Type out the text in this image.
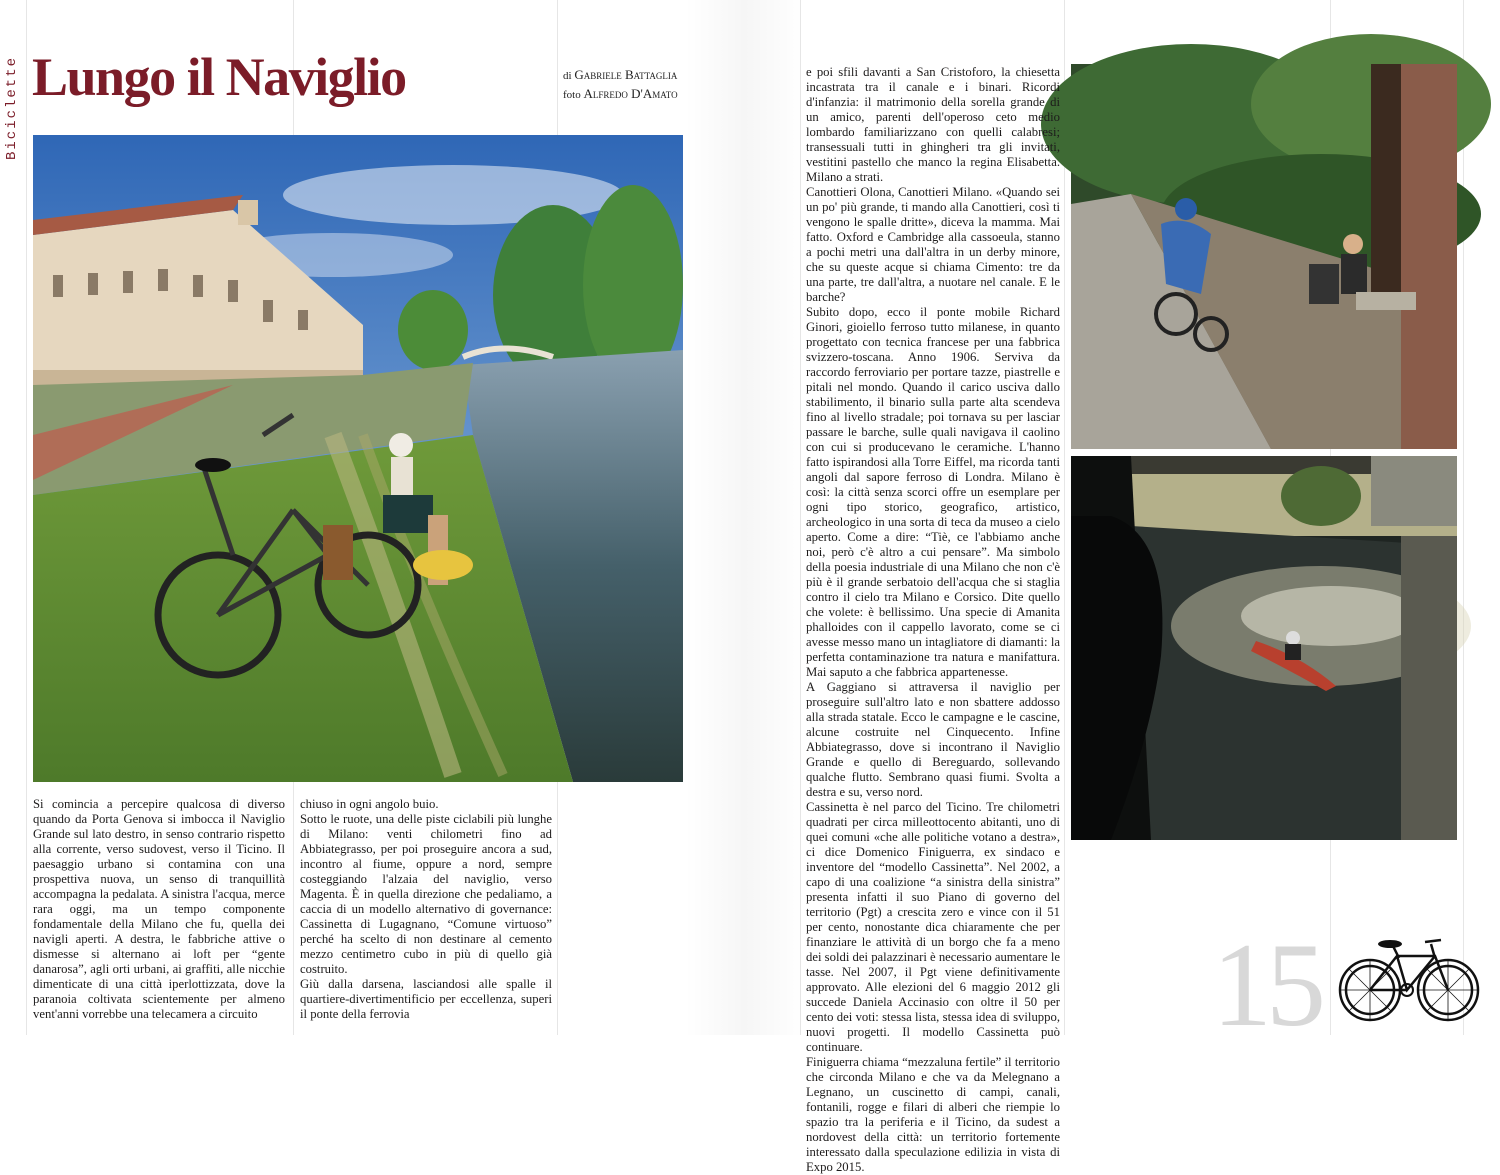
Biciclette Lungo il Naviglio	di Gabriele Battaglia
foto Alfredo D'Amato

Si comincia a percepire qualcosa di diverso quando da Porta Genova si imbocca il Naviglio Grande sul lato destro, in senso contrario rispetto alla corrente, verso sudovest, verso il Ticino. Il paesaggio urbano si contamina con una prospettiva nuova, un senso di tranquillità accompagna la pedalata. A sinistra l'acqua, merce rara oggi, ma un tempo componente fondamentale della Milano che fu, quella dei navigli aperti. A destra, le fabbriche attive o dismesse si alternano ai loft per “gente danarosa”, agli orti urbani, ai graffiti, alle nicchie dimenticate di una città iperlottizzata, dove la paranoia coltivata scientemente per almeno vent'anni vorrebbe una telecamera a circuito

chiuso in ogni angolo buio.

Sotto le ruote, una delle piste ciclabili più lunghe di Milano: venti chilometri fino ad Abbiategrasso, per poi proseguire ancora a sud, incontro al fiume, oppure a nord, sempre costeggiando l'alzaia del naviglio, verso Magenta. È in quella direzione che pedaliamo, a caccia di un modello alternativo di governance: Cassinetta di Lugagnano, “Comune virtuoso” perché ha scelto di non destinare al cemento mezzo centimetro cubo in più di quello già costruito.

Giù dalla darsena, lasciandosi alle spalle il quartiere-divertimentificio per eccellenza, superi il ponte della ferrovia

e poi sfili davanti a San Cristoforo, la chiesetta incastrata tra il canale e i binari. Ricordi d'infanzia: il matrimonio della sorella grande di un amico, parenti dell'operoso ceto medio lombardo familiarizzano con quelli calabresi; transessuali tutti in ghingheri tra gli invitati, vestitini pastello che manco la regina Elisabetta. Milano a strati.

Canottieri Olona, Canottieri Milano. «Quando sei un po' più grande, ti mando alla Canottieri, così ti vengono le spalle dritte», diceva la mamma. Mai fatto. Oxford e Cambridge alla cassoeula, stanno a pochi metri una dall'altra in un derby minore, che su queste acque si chiama Cimento: tre da una parte, tre dall'altra, a nuotare nel canale. E le barche?

Subito dopo, ecco il ponte mobile Richard Ginori, gioiello ferroso tutto milanese, in quanto progettato con tecnica francese per una fabbrica svizzero-toscana. Anno 1906. Serviva da raccordo ferroviario per portare tazze, piastrelle e pitali nel mondo. Quando il carico usciva dallo stabilimento, il binario sulla parte alta scendeva fino al livello stradale; poi tornava su per lasciar passare le barche, sulle quali navigava il caolino con cui si producevano le ceramiche. L'hanno fatto ispirandosi alla Torre Eiffel, ma ricorda tanti angoli dal sapore ferroso di Londra. Milano è così: la città senza scorci offre un esemplare per ogni tipo storico, geografico, artistico, archeologico in una sorta di teca da museo a cielo aperto. Come a dire: “Tiè, ce l'abbiamo anche noi, però c'è altro a cui pensare”. Ma simbolo della poesia industriale di una Milano che non c'è più è il grande serbatoio dell'acqua che si staglia contro il cielo tra Milano e Corsico. Dite quello che volete: è bellissimo. Una specie di Amanita phalloides con il cappello lavorato, come se ci avesse messo mano un intagliatore di diamanti: la perfetta contaminazione tra natura e manifattura. Mai saputo a che fabbrica appartenesse.

A Gaggiano si attraversa il naviglio per proseguire sull'altro lato e non sbattere addosso alla strada statale. Ecco le campagne e le cascine, alcune costruite nel Cinquecento. Infine Abbiategrasso, dove si incontrano il Naviglio Grande e quello di Bereguardo, sollevando qualche flutto. Sembrano quasi fiumi. Svolta a destra e su, verso nord.

Cassinetta è nel parco del Ticino. Tre chilometri quadrati per circa milleottocento abitanti, uno di quei comuni «che alle politiche votano a destra», ci dice Domenico Finiguerra, ex sindaco e inventore del “modello Cassinetta”. Nel 2002, a capo di una coalizione “a sinistra della sinistra” presenta infatti il suo Piano di governo del territorio (Pgt) a crescita zero e vince con il 51 per cento, nonostante dica chiaramente che per finanziare le attività di un borgo che fa a meno dei soldi dei palazzinari è necessario aumentare le tasse. Nel 2007, il Pgt viene definitivamente approvato. Alle elezioni del 6 maggio 2012 gli succede Daniela Accinasio con oltre il 50 per cento dei voti: stessa lista, stessa idea di sviluppo, nuovi progetti. Il modello Cassinetta può continuare.

Finiguerra chiama “mezzaluna fertile” il territorio che circonda Milano e che va da Melegnano a Legnano, un cuscinetto di campi, canali, fontanili, rogge e filari di alberi che riempie lo spazio tra la periferia e il Ticino, da sudest a nordovest della città: un territorio fortemente interessato dalla speculazione edilizia in vista di Expo 2015.

15
